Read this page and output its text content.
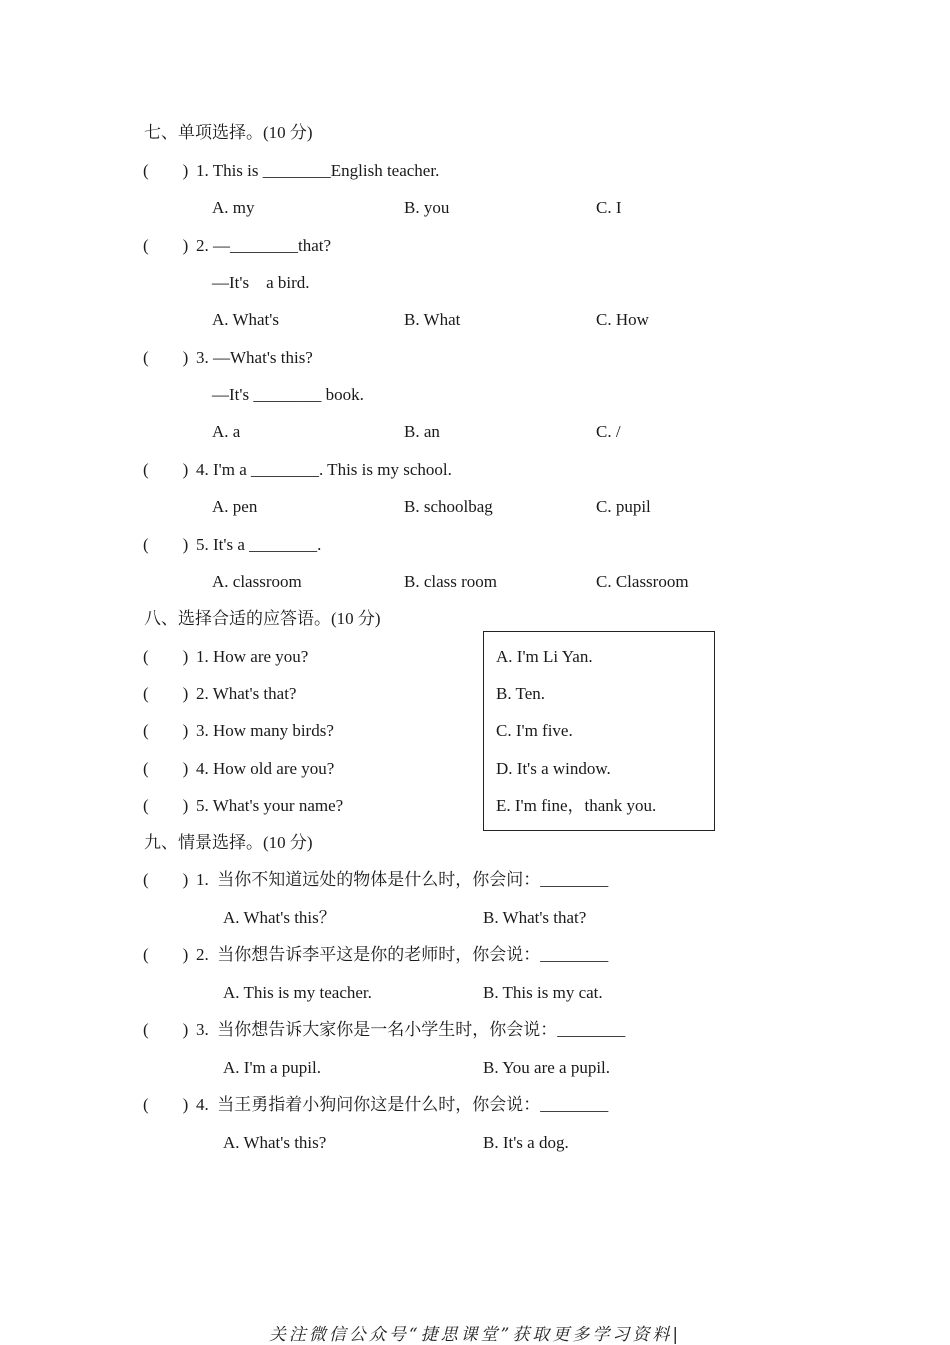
七、单项选择。(10 分)
(        ) 1. This is ________English teacher.
A. my	B. you	C. I
(        ) 2. —________that?
—It's    a bird.
A. What's	B. What	C. How
(        ) 3. —What's this?
—It's ________ book.
A. a	B. an	C. /
(        ) 4. I'm a ________. This is my school.
A. pen	B. schoolbag	C. pupil
(        ) 5. It's a ________.
A. classroom	B. class room	C. Classroom
八、选择合适的应答语。(10 分)
(        ) 1. How are you?
(        ) 2. What's that?
(        ) 3. How many birds?
(        ) 4. How old are you?
(        ) 5. What's your name?
A. I'm Li Yan.
B. Ten.
C. I'm five.
D. It's a window.
E. I'm fine，thank you.
九、情景选择。(10 分)
(        ) 1.  当你不知道远处的物体是什么时，你会问：________
A. What's this？	B. What's that?
(        ) 2.  当你想告诉李平这是你的老师时，你会说：________
A. This is my teacher.	B. This is my cat.
(        ) 3.  当你想告诉大家你是一名小学生时，你会说：________
A. I'm a pupil.	B. You are a pupil.
(        ) 4.  当王勇指着小狗问你这是什么时，你会说：________
A. What's this?	B. It's a dog.
关注微信公众号“捷思课堂”获取更多学习资料|
